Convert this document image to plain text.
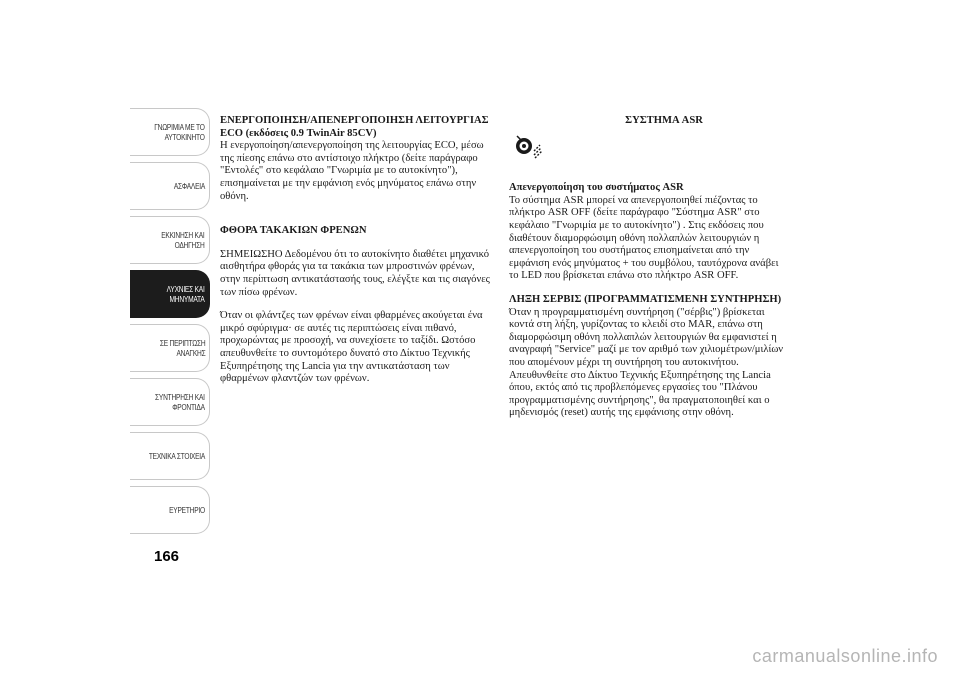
ΓΝΩΡΙΜΙΑ ΜΕ ΤΟ
ΑΥΤΟΚΙΝΗΤΟ
ΑΣΦΑΛΕΙΑ
ΕΚΚΙΝΗΣΗ ΚΑΙ
ΟΔΗΓΗΣΗ
ΛΥΧΝΙΕΣ ΚΑΙ
ΜΗΝΥΜΑΤΑ
ΣΕ ΠΕΡΙΠΤΩΣΗ
ΑΝΑΓΚΗΣ
ΣΥΝΤΗΡΗΣΗ ΚΑΙ
ΦΡΟΝΤΙΔΑ
ΤΕΧΝΙΚΑ ΣΤΟΙΧΕΙΑ
ΕΥΡΕΤΗΡΙΟ
166

ΕΝΕΡΓΟΠΟΙΗΣΗ/ΑΠΕΝΕΡΓΟΠΟΙΗΣΗ ΛΕΙΤΟΥΡΓΙΑΣ ECO (εκδόσεις 0.9 TwinAir 85CV)

Η ενεργοποίηση/απενεργοποίηση της λειτουργίας ECO, μέσω της πίεσης επάνω στο αντίστοιχο πλήκτρο (δείτε παράγραφο "Εντολές" στο κεφάλαιο "Γνωριμία με το αυτοκίνητο"), επισημαίνεται με την εμφάνιση ενός μηνύματος επάνω στην οθόνη.

ΦΘΟΡΑ ΤΑΚΑΚΙΩΝ ΦΡΕΝΩΝ

ΣΗΜΕΙΩΣΗΟ Δεδομένου ότι το αυτοκίνητο διαθέτει μηχανικό αισθητήρα φθοράς για τα τακάκια των μπροστινών φρένων, στην περίπτωση αντικατάστασής τους, ελέγξτε και τις σιαγόνες των πίσω φρένων.

Όταν οι φλάντζες των φρένων είναι φθαρμένες ακούγεται ένα μικρό σφύριγμα· σε αυτές τις περιπτώσεις είναι πιθανό, προχωρώντας με προσοχή, να συνεχίσετε το ταξίδι. Ωστόσο απευθυνθείτε το συντομότερο δυνατό στο Δίκτυο Τεχνικής Εξυπηρέτησης της Lancia για την αντικατάσταση των φθαρμένων φλαντζών των φρένων.

ΣΥΣΤΗΜΑ ASR

Απενεργοποίηση του συστήματος ASR

Το σύστημα ASR μπορεί να απενεργοποιηθεί πιέζοντας το πλήκτρο ASR OFF (δείτε παράγραφο "Σύστημα ASR" στο κεφάλαιο "Γνωριμία με το αυτοκίνητο") . Στις εκδόσεις που διαθέτουν διαμορφώσιμη οθόνη πολλαπλών λειτουργιών η απενεργοποίηση του συστήματος επισημαίνεται από την εμφάνιση ενός μηνύματος + του συμβόλου, ταυτόχρονα ανάβει το LED που βρίσκεται επάνω στο πλήκτρο ASR OFF.

ΛΗΞΗ ΣΕΡΒΙΣ (ΠΡΟΓΡΑΜΜΑΤΙΣΜΕΝΗ ΣΥΝΤΗΡΗΣΗ)

Όταν η προγραμματισμένη συντήρηση ("σέρβις") βρίσκεται κοντά στη λήξη, γυρίζοντας το κλειδί στο MAR, επάνω στη διαμορφώσιμη οθόνη πολλαπλών λειτουργιών θα εμφανιστεί η αναγραφή "Service" μαζί με τον αριθμό των χιλιομέτρων/μιλίων που απομένουν μέχρι τη συντήρηση του αυτοκινήτου. Απευθυνθείτε στο Δίκτυο Τεχνικής Εξυπηρέτησης της Lancia όπου, εκτός από τις προβλεπόμενες εργασίες του "Πλάνου προγραμματισμένης συντήρησης", θα πραγματοποιηθεί και ο μηδενισμός (reset) αυτής της εμφάνισης στην οθόνη.

carmanualsonline.info
